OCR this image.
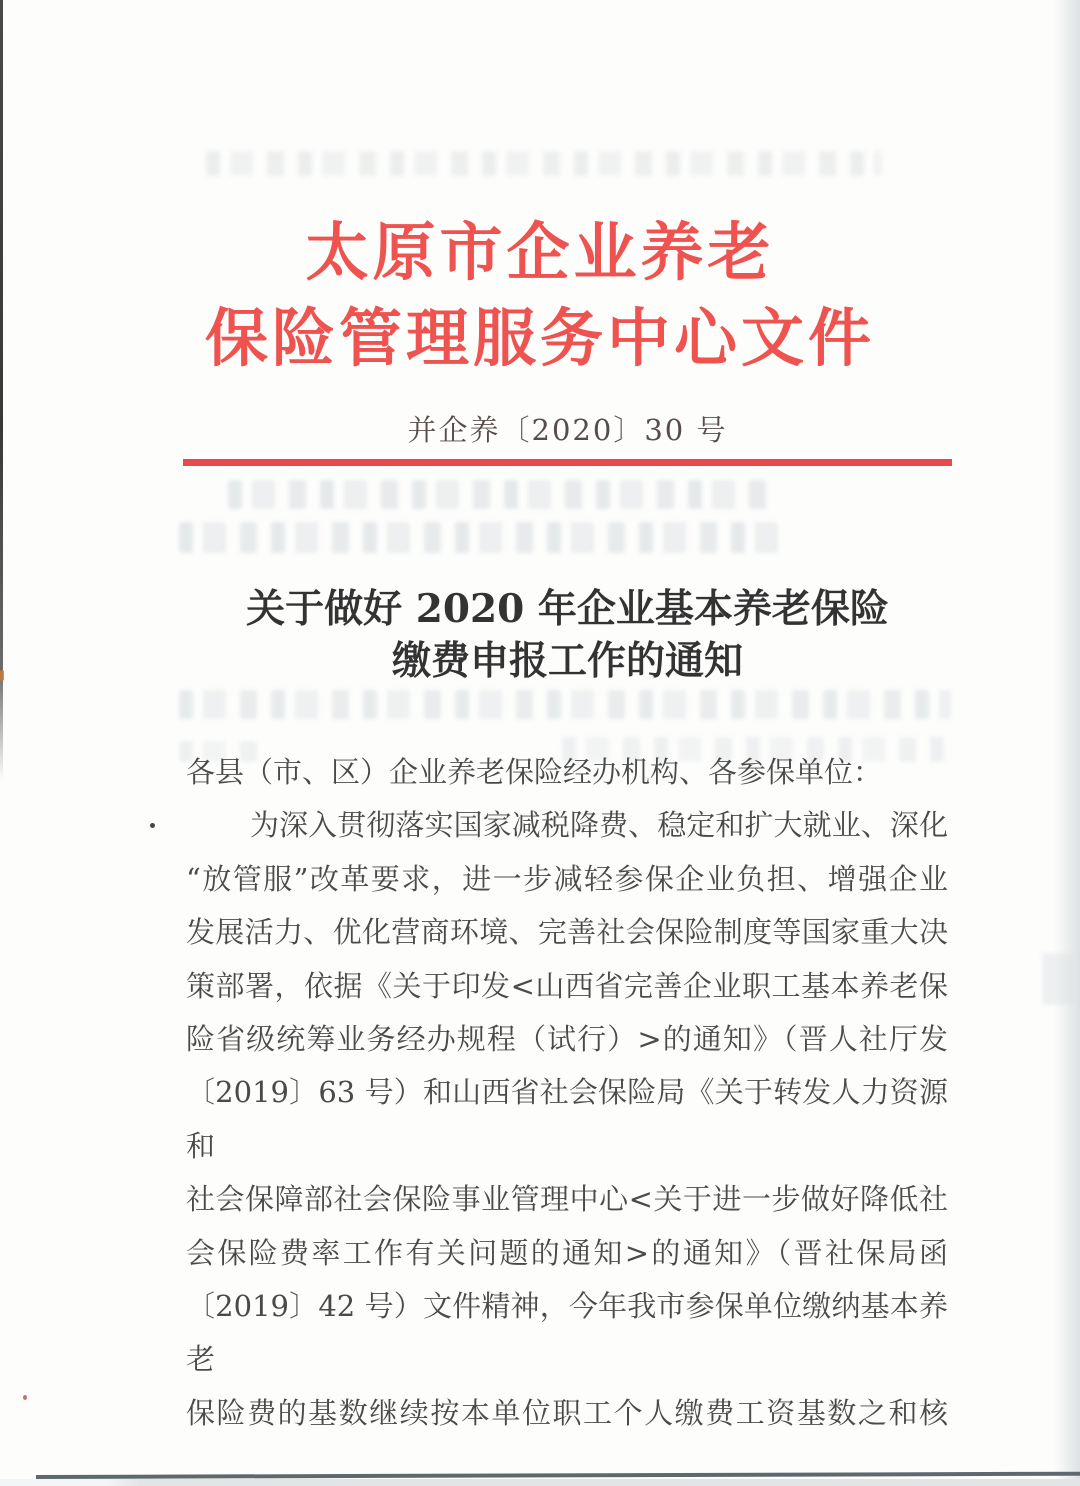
太原市企业养老
保险管理服务中心文件
并企养〔2020〕30 号
关于做好 2020 年企业基本养老保险
缴费申报工作的通知
各县（市、区）企业养老保险经办机构、各参保单位：
为深入贯彻落实国家减税降费、稳定和扩大就业、深化
“放管服”改革要求，进一步减轻参保企业负担、增强企业
发展活力、优化营商环境、完善社会保险制度等国家重大决
策部署，依据《关于印发<山西省完善企业职工基本养老保
险省级统筹业务经办规程（试行）>的通知》（晋人社厅发
〔2019〕63 号）和山西省社会保险局《关于转发人力资源和
社会保障部社会保险事业管理中心<关于进一步做好降低社
会保险费率工作有关问题的通知>的通知》（晋社保局函
〔2019〕42 号）文件精神，今年我市参保单位缴纳基本养老
保险费的基数继续按本单位职工个人缴费工资基数之和核
